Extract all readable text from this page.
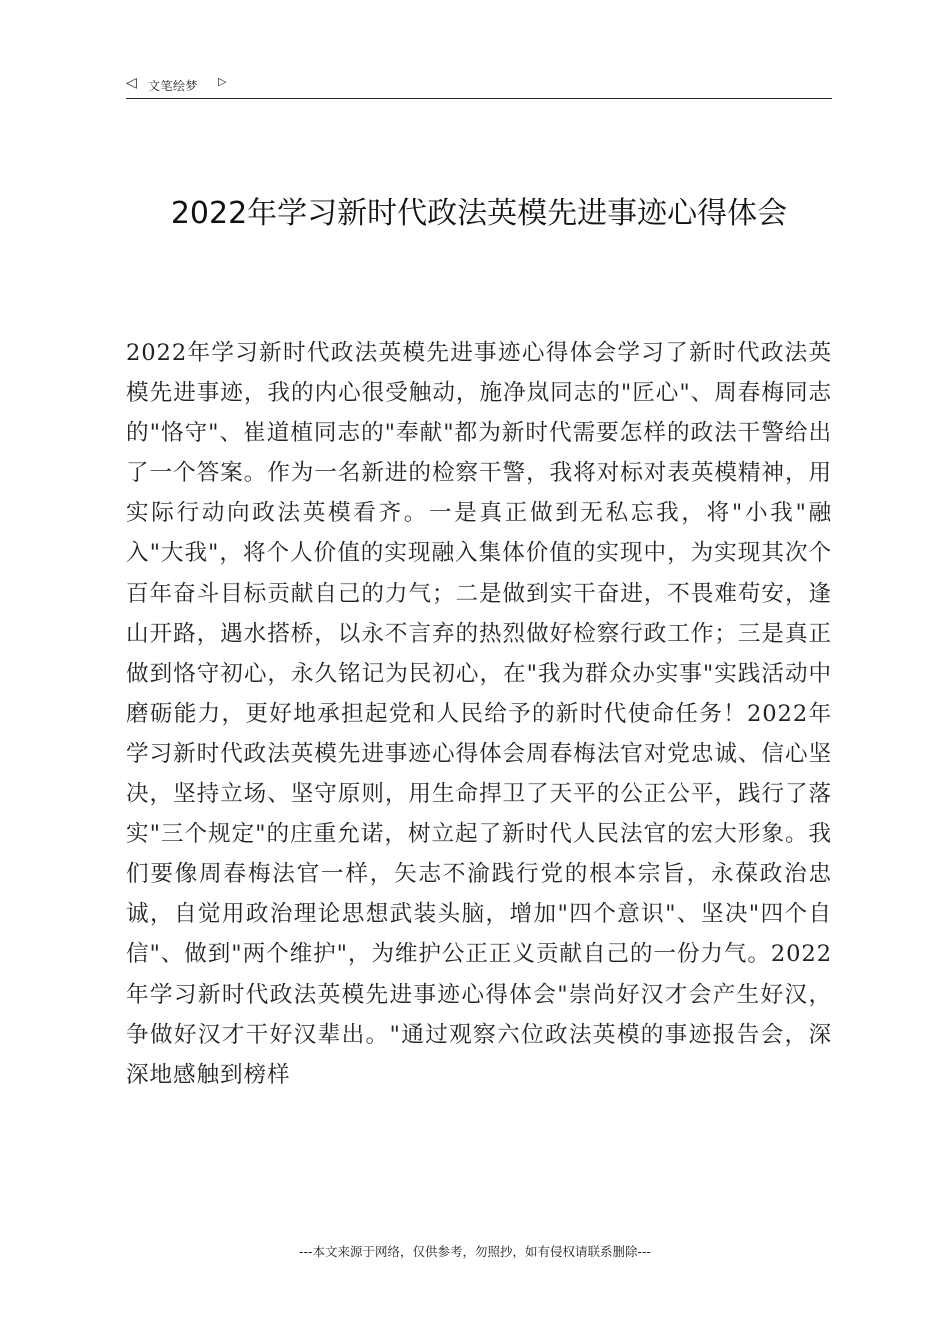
◁ 文笔绘梦 ▷
2022年学习新时代政法英模先进事迹心得体会

2022年学习新时代政法英模先进事迹心得体会学习了新时代政法英模先进事迹，我的内心很受触动，施净岚同志的"匠心"、周春梅同志的"恪守"、崔道植同志的"奉献"都为新时代需要怎样的政法干警给出了一个答案。作为一名新进的检察干警，我将对标对表英模精神，用实际行动向政法英模看齐。一是真正做到无私忘我，将"小我"融入"大我"，将个人价值的实现融入集体价值的实现中，为实现其次个百年奋斗目标贡献自己的力气；二是做到实干奋进，不畏难苟安，逢山开路，遇水搭桥，以永不言弃的热烈做好检察行政工作；三是真正做到恪守初心，永久铭记为民初心，在"我为群众办实事"实践活动中磨砺能力，更好地承担起党和人民给予的新时代使命任务！2022年学习新时代政法英模先进事迹心得体会周春梅法官对党忠诚、信心坚决，坚持立场、坚守原则，用生命捍卫了天平的公正公平，践行了落实"三个规定"的庄重允诺，树立起了新时代人民法官的宏大形象。我们要像周春梅法官一样，矢志不渝践行党的根本宗旨，永葆政治忠诚，自觉用政治理论思想武装头脑，增加"四个意识"、坚决"四个自信"、做到"两个维护"，为维护公正正义贡献自己的一份力气。2022年学习新时代政法英模先进事迹心得体会"崇尚好汉才会产生好汉，争做好汉才干好汉辈出。"通过观察六位政法英模的事迹报告会，深深地感触到榜样

---本文来源于网络，仅供参考，勿照抄，如有侵权请联系删除---
